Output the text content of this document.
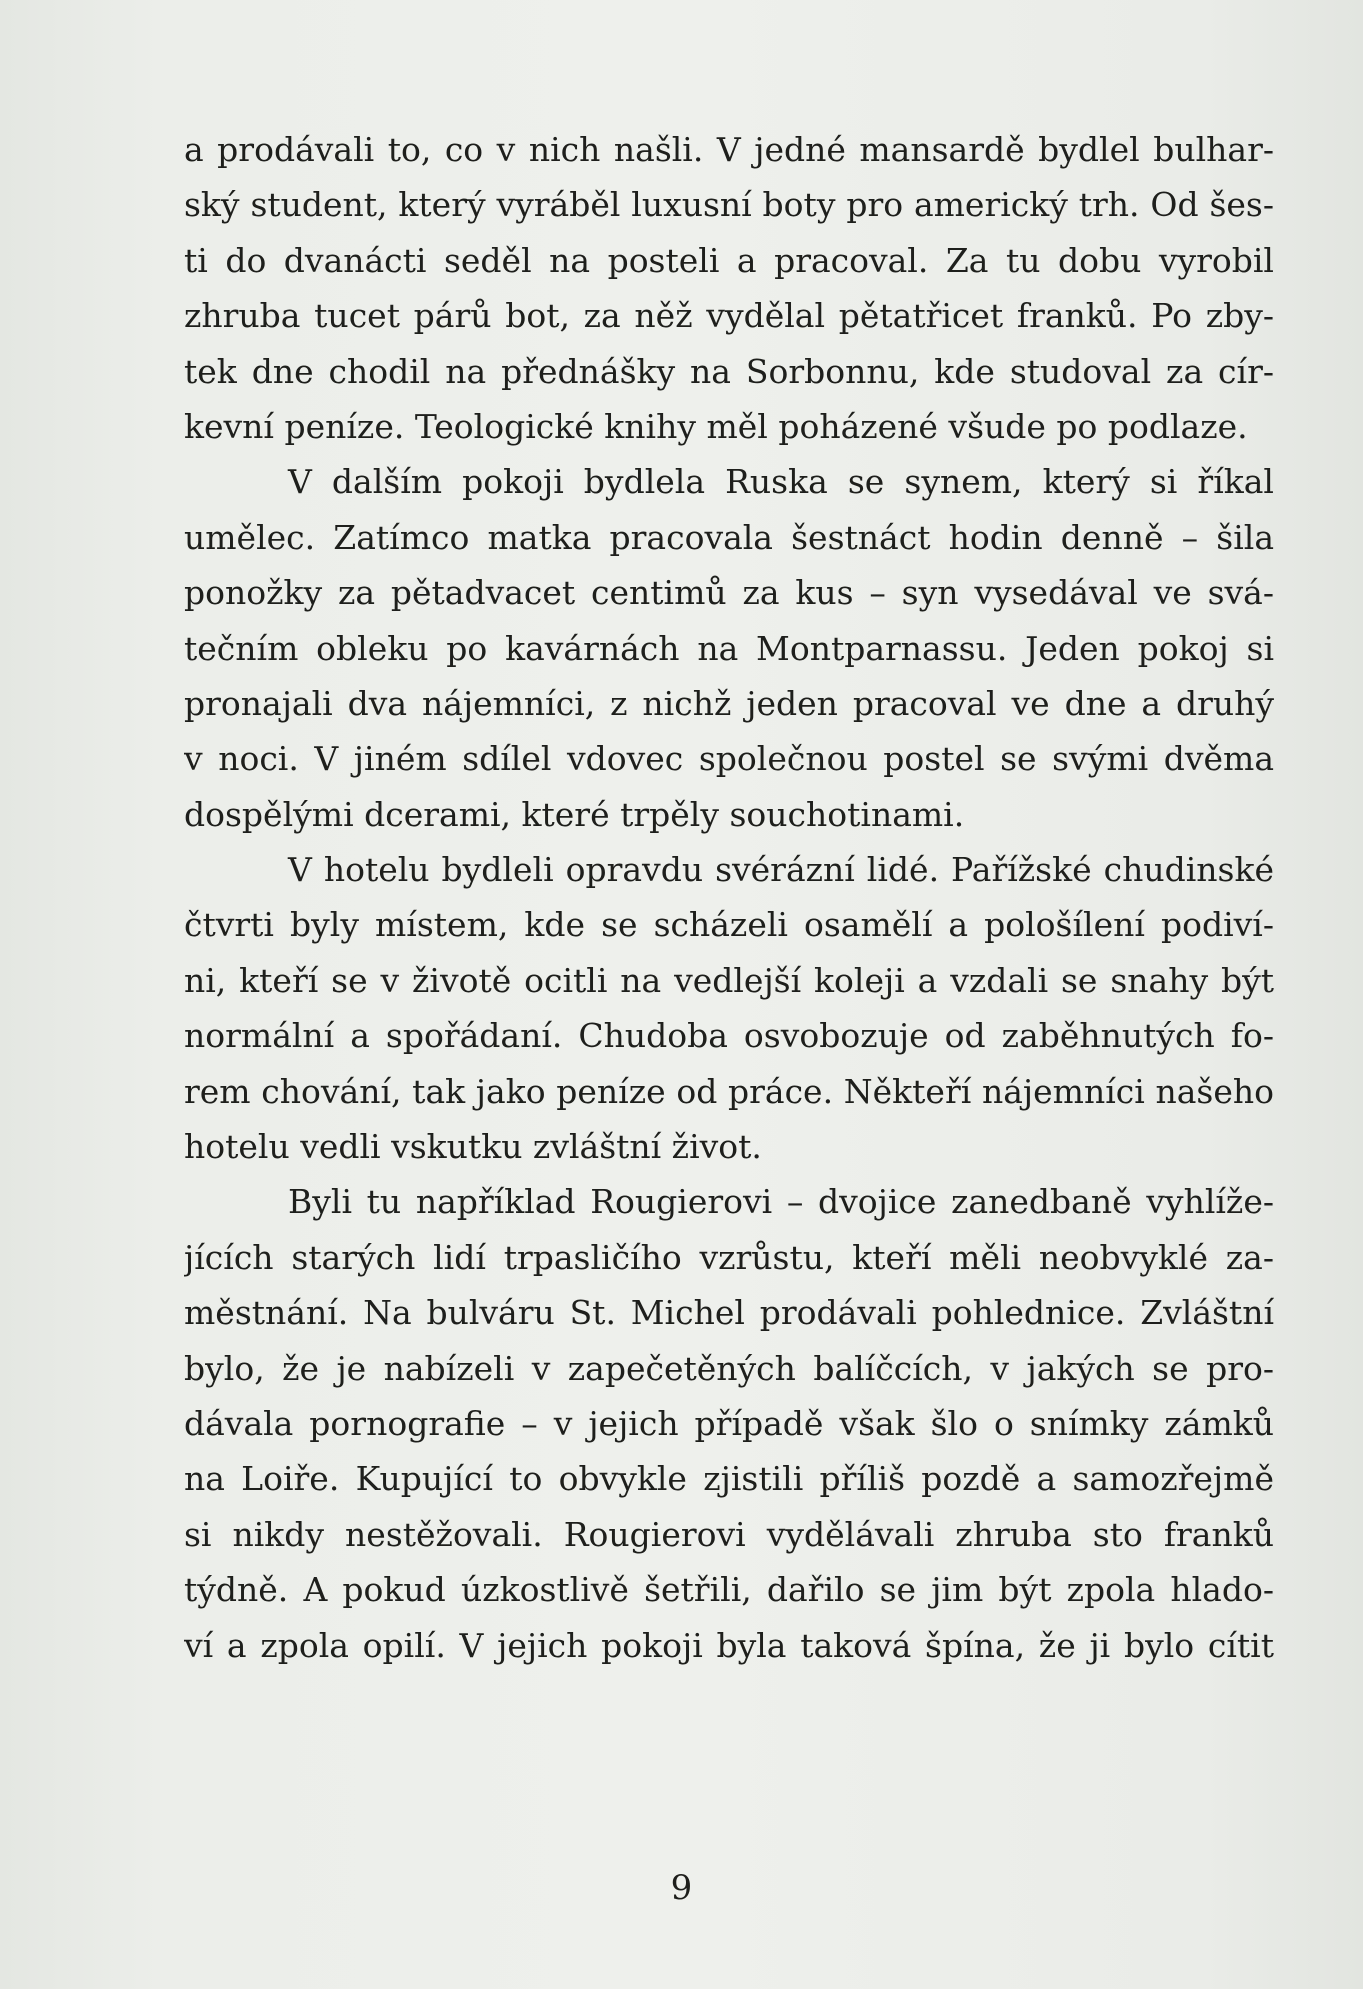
a prodávali to, co v nich našli. V jedné mansardě bydlel bulhar-
ský student, který vyráběl luxusní boty pro americký trh. Od šes-
ti do dvanácti seděl na posteli a pracoval. Za tu dobu vyrobil
zhruba tucet párů bot, za něž vydělal pětatřicet franků. Po zby-
tek dne chodil na přednášky na Sorbonnu, kde studoval za cír-
kevní peníze. Teologické knihy měl poházené všude po podlaze.
V dalším pokoji bydlela Ruska se synem, který si říkal
umělec. Zatímco matka pracovala šestnáct hodin denně – šila
ponožky za pětadvacet centimů za kus – syn vysedával ve svá-
tečním obleku po kavárnách na Montparnassu. Jeden pokoj si
pronajali dva nájemníci, z nichž jeden pracoval ve dne a druhý
v noci. V jiném sdílel vdovec společnou postel se svými dvěma
dospělými dcerami, které trpěly souchotinami.
V hotelu bydleli opravdu svérázní lidé. Pařížské chudinské
čtvrti byly místem, kde se scházeli osamělí a pološílení podiví-
ni, kteří se v životě ocitli na vedlejší koleji a vzdali se snahy být
normální a spořádaní. Chudoba osvobozuje od zaběhnutých fo-
rem chování, tak jako peníze od práce. Někteří nájemníci našeho
hotelu vedli vskutku zvláštní život.
Byli tu například Rougierovi – dvojice zanedbaně vyhlíže-
jících starých lidí trpasličího vzrůstu, kteří měli neobvyklé za-
městnání. Na bulváru St. Michel prodávali pohlednice. Zvláštní
bylo, že je nabízeli v zapečetěných balíčcích, v jakých se pro-
dávala pornografie – v jejich případě však šlo o snímky zámků
na Loiře. Kupující to obvykle zjistili příliš pozdě a samozřejmě
si nikdy nestěžovali. Rougierovi vydělávali zhruba sto franků
týdně. A pokud úzkostlivě šetřili, dařilo se jim být zpola hlado-
ví a zpola opilí. V jejich pokoji byla taková špína, že ji bylo cítit
9
